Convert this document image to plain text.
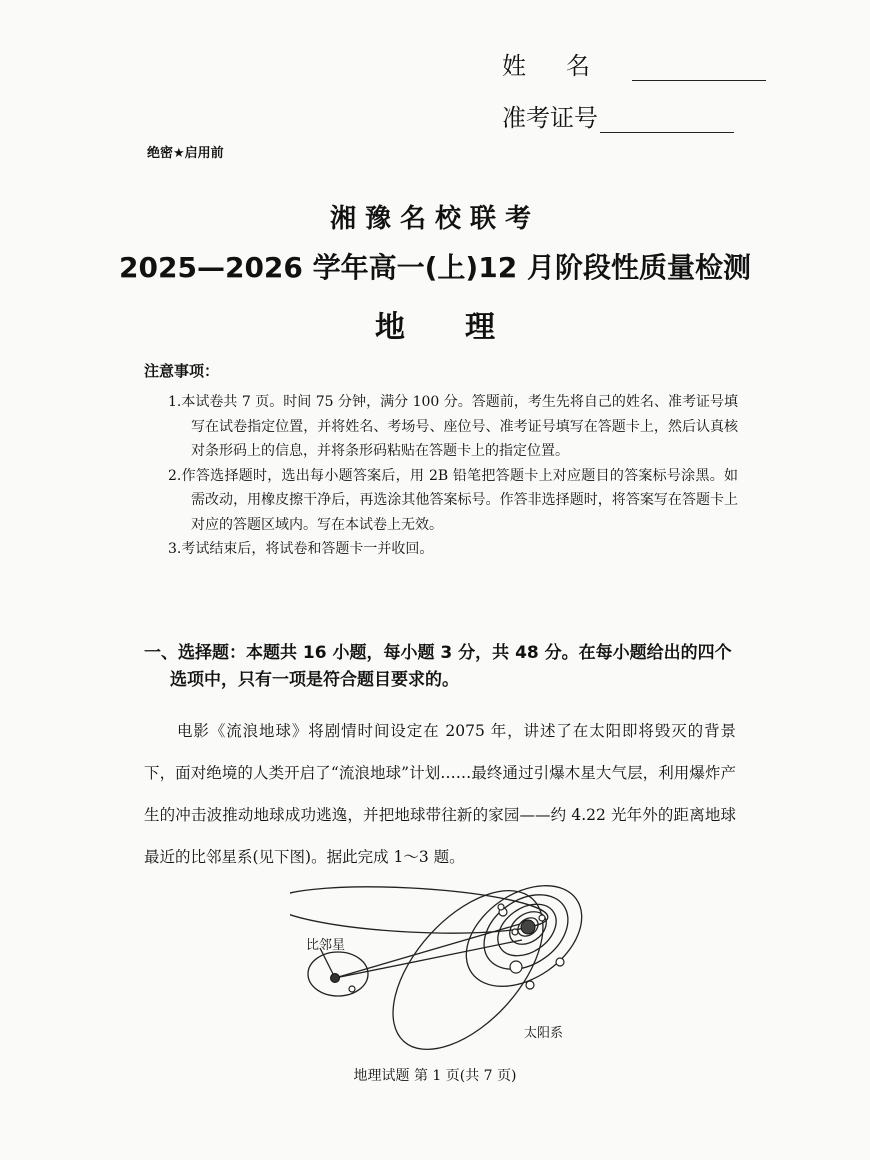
姓名
准考证号
绝密★启用前
湘豫名校联考
2025—2026 学年高一(上)12 月阶段性质量检测
地理
注意事项：

1.本试卷共 7 页。时间 75 分钟，满分 100 分。答题前，考生先将自己的姓名、准考证号填写在试卷指定位置，并将姓名、考场号、座位号、准考证号填写在答题卡上，然后认真核对条形码上的信息，并将条形码粘贴在答题卡上的指定位置。

2.作答选择题时，选出每小题答案后，用 2B 铅笔把答题卡上对应题目的答案标号涂黑。如需改动，用橡皮擦干净后，再选涂其他答案标号。作答非选择题时，将答案写在答题卡上对应的答题区域内。写在本试卷上无效。

3.考试结束后，将试卷和答题卡一并收回。

一、选择题：本题共 16 小题，每小题 3 分，共 48 分。在每小题给出的四个选项中，只有一项是符合题目要求的。

电影《流浪地球》将剧情时间设定在 2075 年，讲述了在太阳即将毁灭的背景下，面对绝境的人类开启了“流浪地球”计划……最终通过引爆木星大气层，利用爆炸产生的冲击波推动地球成功逃逸，并把地球带往新的家园——约 4.22 光年外的距离地球最近的比邻星系(见下图)。据此完成 1～3 题。

比邻星
太阳系
地理试题 第 1 页(共 7 页)
